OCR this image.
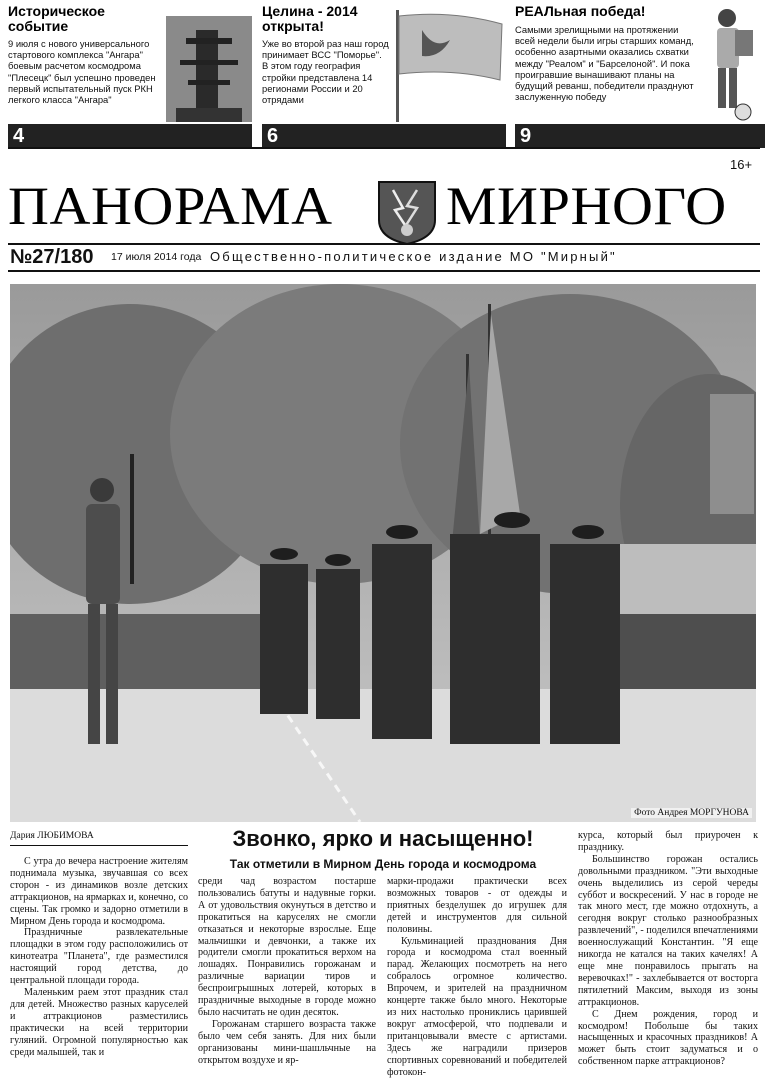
Историческое событие
9 июля с нового универсального стартового комплекса "Ангара" боевым расчетом космодрома "Плесецк" был успешно проведен первый испытательный пуск РКН легкого класса "Ангара"
4
Целина - 2014 открыта!
Уже во второй раз наш город принимает ВСС "Поморье". В этом году география стройки представлена 14 регионами России и 20 отрядами
6
РЕАЛьная победа!
Самыми зрелищными на протяжении всей недели были игры старших команд, особенно азартными оказались схватки между "Реалом" и "Барселоной". И пока проигравшие вынашивают планы на будущий реванш, победители празднуют заслуженную победу
9
16+
ПАНОРАМА МИРНОГО
№27/180 17 июля 2014 года Общественно-политическое издание МО "Мирный"
Фото Андрея МОРГУНОВА
Дария ЛЮБИМОВА	Звонко, ярко и насыщенно!
Так отметили в Мирном День города и космодрома

С утра до вечера настроение жителям поднимала музыка, звучавшая со всех сторон - из динамиков возле детских аттракционов, на ярмарках и, конечно, со сцены. Так громко и задорно отметили в Мирном День города и космодрома.

Праздничные развлекательные площадки в этом году расположились от кинотеатра "Планета", где разместился настоящий город детства, до центральной площади города.

Маленьким раем этот праздник стал для детей. Множество разных каруселей и аттракционов разместились практически на всей территории гуляний. Огромной популярностью как среди малышей, так и

среди чад возрастом постарше пользовались батуты и надувные горки. А от удовольствия окунуться в детство и прокатиться на каруселях не смогли отказаться и некоторые взрослые. Еще мальчишки и девчонки, а также их родители смогли прокатиться верхом на лошадях. Понравились горожанам и различные вариации тиров и беспроигрышных лотерей, которых в праздничные выходные в городе можно было насчитать не один десяток.

Горожанам старшего возраста также было чем себя занять. Для них были организованы мини-шашльчные на открытом воздухе и яр-

марки-продажи практически всех возможных товаров - от одежды и приятных безделушек до игрушек для детей и инструментов для сильной половины.

Кульминацией празднования Дня города и космодрома стал военный парад. Желающих посмотреть на него собралось огромное количество. Впрочем, и зрителей на праздничном концерте также было много. Некоторые из них настолько прониклись царившей вокруг атмосферой, что подпевали и пританцовывали вместе с артистами. Здесь же наградили призеров спортивных соревнований и победителей фотокон-

курса, который был приурочен к празднику.

Большинство горожан остались довольными праздником. "Эти выходные очень выделились из серой череды суббот и воскресений. У нас в городе не так много мест, где можно отдохнуть, а сегодня вокруг столько разнообразных развлечений", - поделился впечатлениями военнослужащий Константин. "Я еще никогда не катался на таких качелях! А еще мне понравилось прыгать на веревочках!" - захлебывается от восторга пятилетний Максим, выходя из зоны аттракционов.

С Днем рождения, город и космодром! Побольше бы таких насыщенных и красочных праздников! А может быть стоит задуматься и о собственном парке аттракционов?
